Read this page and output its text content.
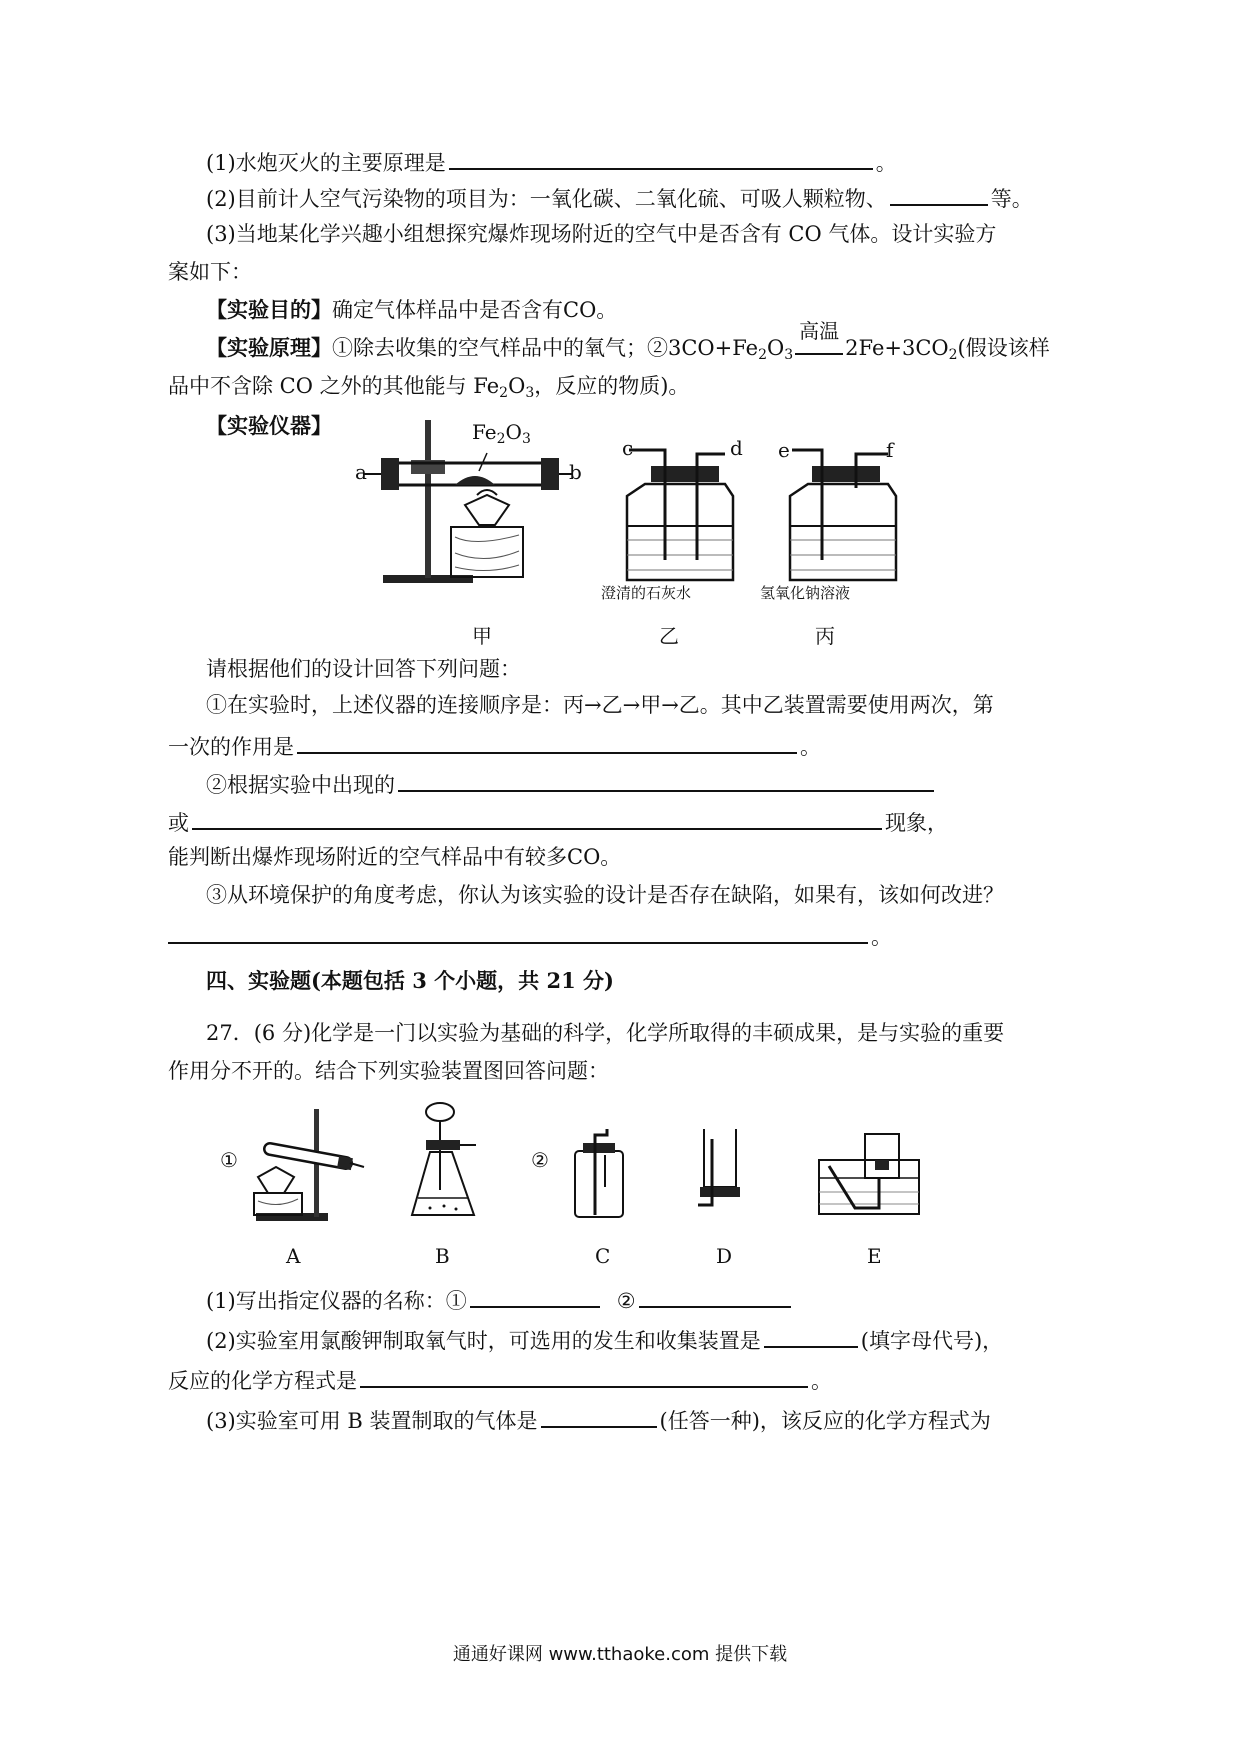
(1)水炮灭火的主要原理是	。
(2)目前计人空气污染物的项目为：一氧化碳、二氧化硫、可吸人颗粒物、	等。
(3)当地某化学兴趣小组想探究爆炸现场附近的空气中是否含有 CO 气体。设计实验方
案如下：
【实验目的】确定气体样品中是否含有CO。
【实验原理】①除去收集的空气样品中的氧气；$②3CO+Fe_2O_3$
高温
$2Fe+3CO_2$(假设该样
品中不含除 CO 之外的其他能与 $Fe_2O_3$，反应的物质)。
【实验仪器】
a	b
$Fe_2O_3$	c	d
澄清的石灰水
e	f
氢氧化钠溶液
甲	乙	丙
请根据他们的设计回答下列问题：
①在实验时，上述仪器的连接顺序是：丙→乙→甲→乙。其中乙装置需要使用两次，第
一次的作用是	。
②根据实验中出现的
或	现象，
能判断出爆炸现场附近的空气样品中有较多CO。
③从环境保护的角度考虑，你认为该实验的设计是否存在缺陷，如果有，该如何改进？
。
四、实验题(本题包括 3 个小题，共 21 分)
27．(6 分)化学是一门以实验为基础的科学，化学所取得的丰硕成果，是与实验的重要
作用分不开的。结合下列实验装置图回答问题：
①	②
A	B	C	D	E
(1)写出指定仪器的名称：①	②
(2)实验室用氯酸钾制取氧气时，可选用的发生和收集装置是	(填字母代号)，
反应的化学方程式是	。
(3)实验室可用 B 装置制取的气体是	(任答一种)，该反应的化学方程式为
通通好课网 www.tthaoke.com 提供下载
